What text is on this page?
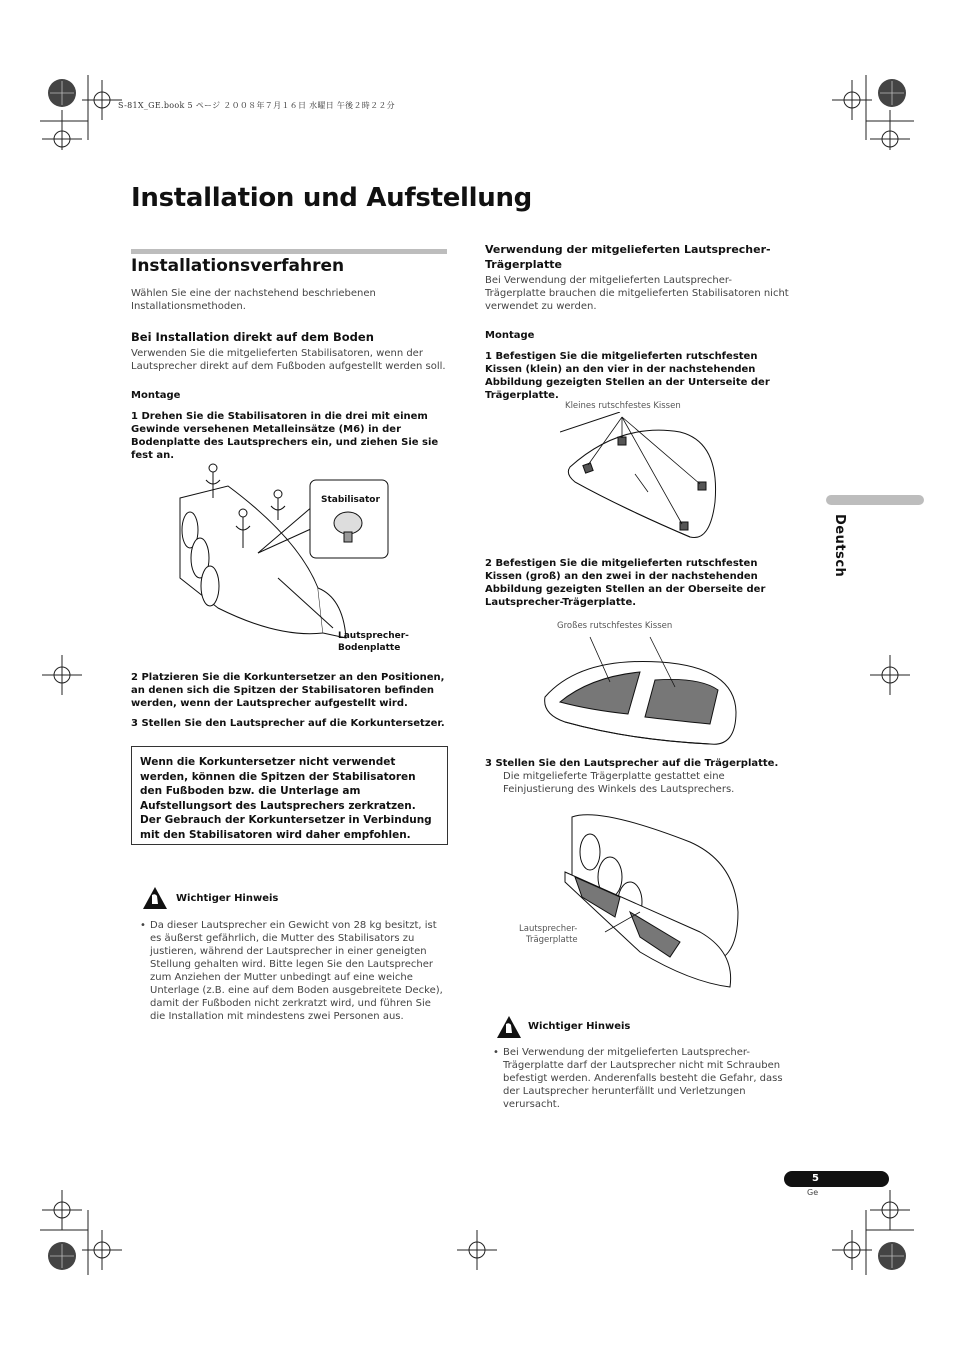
S-81X_GE.book 5 ページ ２００８年７月１６日 水曜日 午後２時２２分
Installation und Aufstellung
Installationsverfahren
Wählen Sie eine der nachstehend beschriebenen Installationsmethoden.
Bei Installation direkt auf dem Boden
Verwenden Sie die mitgelieferten Stabilisatoren, wenn der Lautsprecher direkt auf dem Fußboden aufgestellt werden soll.
Montage
1 Drehen Sie die Stabilisatoren in die drei mit einem Gewinde versehenen Metalleinsätze (M6) in der Bodenplatte des Lautsprechers ein, und ziehen Sie sie fest an.
Stabilisator
Lautsprecher-
Bodenplatte
2 Platzieren Sie die Korkuntersetzer an den Positionen, an denen sich die Spitzen der Stabilisatoren befinden werden, wenn der Lautsprecher aufgestellt wird.
3 Stellen Sie den Lautsprecher auf die Korkuntersetzer.
Wenn die Korkuntersetzer nicht verwendet werden, können die Spitzen der Stabilisatoren den Fußboden bzw. die Unterlage am Aufstellungsort des Lautsprechers zerkratzen. Der Gebrauch der Korkuntersetzer in Verbindung mit den Stabilisatoren wird daher empfohlen.
Wichtiger Hinweis
• Da dieser Lautsprecher ein Gewicht von 28 kg besitzt, ist es äußerst gefährlich, die Mutter des Stabilisators zu justieren, während der Lautsprecher in einer geneigten Stellung gehalten wird. Bitte legen Sie den Lautsprecher zum Anziehen der Mutter unbedingt auf eine weiche Unterlage (z.B. eine auf dem Boden ausgebreitete Decke), damit der Fußboden nicht zerkratzt wird, und führen Sie die Installation mit mindestens zwei Personen aus.
Verwendung der mitgelieferten Lautsprecher-Trägerplatte
Bei Verwendung der mitgelieferten Lautsprecher-Trägerplatte brauchen die mitgelieferten Stabilisatoren nicht verwendet zu werden.
Montage
1 Befestigen Sie die mitgelieferten rutschfesten Kissen (klein) an den vier in der nachstehenden Abbildung gezeigten Stellen an der Unterseite der Trägerplatte.
Kleines rutschfestes Kissen
2 Befestigen Sie die mitgelieferten rutschfesten Kissen (groß) an den zwei in der nachstehenden Abbildung gezeigten Stellen an der Oberseite der Lautsprecher-Trägerplatte.
Großes rutschfestes Kissen
3 Stellen Sie den Lautsprecher auf die Trägerplatte.
Die mitgelieferte Trägerplatte gestattet eine Feinjustierung des Winkels des Lautsprechers.
Lautsprecher-
Trägerplatte
Wichtiger Hinweis
• Bei Verwendung der mitgelieferten Lautsprecher-Trägerplatte darf der Lautsprecher nicht mit Schrauben befestigt werden. Anderenfalls besteht die Gefahr, dass der Lautsprecher herunterfällt und Verletzungen verursacht.
Deutsch
5
Ge
